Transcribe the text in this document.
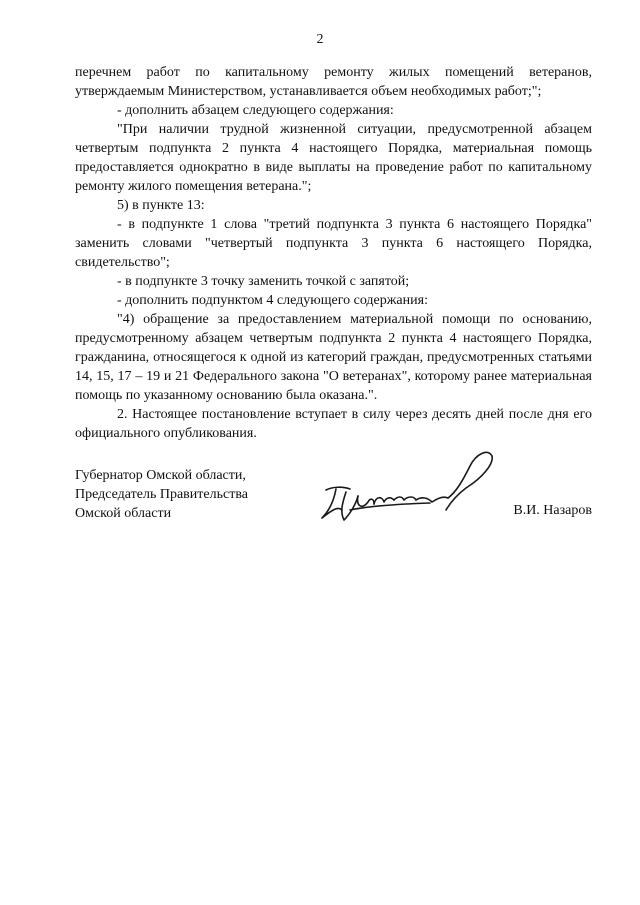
2

перечнем работ по капитальному ремонту жилых помещений ветеранов, утверждаемым Министерством, устанавливается объем необходимых работ;";

- дополнить абзацем следующего содержания:

"При наличии трудной жизненной ситуации, предусмотренной абзацем четвертым подпункта 2 пункта 4 настоящего Порядка, материальная помощь предоставляется однократно в виде выплаты на проведение работ по капитальному ремонту жилого помещения ветерана.";

5) в пункте 13:

- в подпункте 1 слова "третий подпункта 3 пункта 6 настоящего Порядка" заменить словами "четвертый подпункта 3 пункта 6 настоящего Порядка, свидетельство";

- в подпункте 3 точку заменить точкой с запятой;

- дополнить подпунктом 4 следующего содержания:

"4) обращение за предоставлением материальной помощи по основанию, предусмотренному абзацем четвертым подпункта 2 пункта 4 настоящего Порядка, гражданина, относящегося к одной из категорий граждан, предусмотренных статьями 14, 15, 17 – 19 и 21 Федерального закона "О ветеранах", которому ранее материальная помощь по указанному основанию была оказана.".

2. Настоящее постановление вступает в силу через десять дней после дня его официального опубликования.

Губернатор Омской области,
Председатель Правительства
Омской области	В.И. Назаров
